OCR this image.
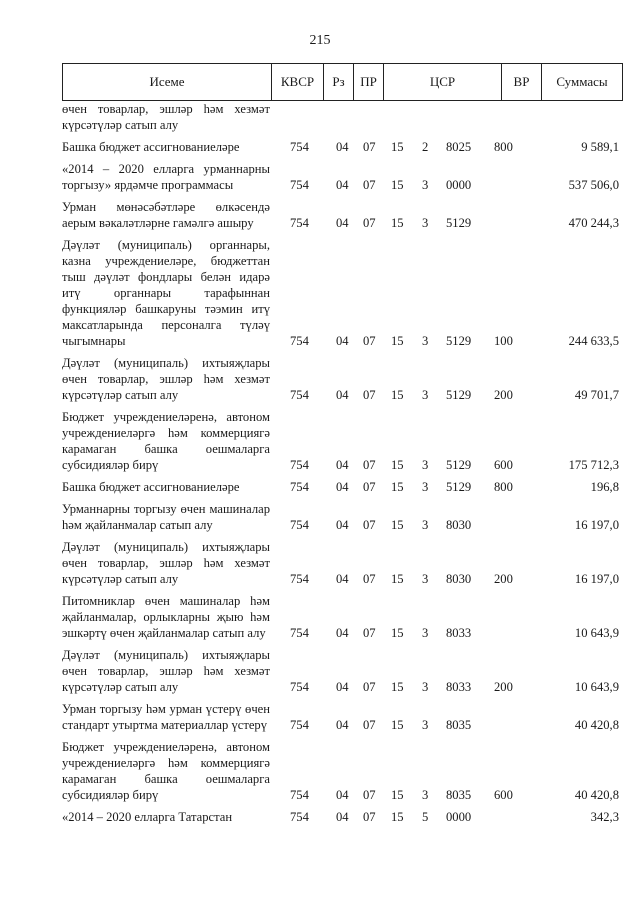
215
Исеме	КВСР	Рз	ПР	ЦСР	ВР	Суммасы
өчен товарлар, эшләр һәм хезмәт күрсәтүләр сатып алу
Башка бюджет ассигнованиеләре	754 04 07 15 2 8025 800	9 589,1
«2014 – 2020 елларга урманнарны торгызу» ярдәмче программасы	754 04 07 15 3 0000	537 506,0
Урман мөнәсәбәтләре өлкәсендә аерым вәкаләтләрне гамәлгә ашыру	754 04 07 15 3 5129	470 244,3
Дәүләт (муниципаль) органнары, казна учреждениеләре, бюджеттан тыш дәүләт фондлары белән идарә итү органнары тарафыннан функцияләр башкаруны тәэмин итү максатларында персоналга түләү чыгымнары	754 04 07 15 3 5129 100	244 633,5
Дәүләт (муниципаль) ихтыяҗлары өчен товарлар, эшләр һәм хезмәт күрсәтүләр сатып алу	754 04 07 15 3 5129 200	49 701,7
Бюджет учреждениеләренә, автоном учреждениеләргә һәм коммерциягә карамаган башка оешмаларга субсидияләр бирү	754 04 07 15 3 5129 600	175 712,3
Башка бюджет ассигнованиеләре	754 04 07 15 3 5129 800	196,8
Урманнарны торгызу өчен машиналар һәм җайланмалар сатып алу	754 04 07 15 3 8030	16 197,0
Дәүләт (муниципаль) ихтыяҗлары өчен товарлар, эшләр һәм хезмәт күрсәтүләр сатып алу	754 04 07 15 3 8030 200	16 197,0
Питомниклар өчен машиналар һәм җайланмалар, орлыкларны җыю һәм эшкәртү өчен җайланмалар сатып алу	754 04 07 15 3 8033	10 643,9
Дәүләт (муниципаль) ихтыяҗлары өчен товарлар, эшләр һәм хезмәт күрсәтүләр сатып алу	754 04 07 15 3 8033 200	10 643,9
Урман торгызу һәм урман үстерү өчен стандарт утыртма материаллар үстерү 754 04 07 15 3 8035	40 420,8
Бюджет учреждениеләренә, автоном учреждениеләргә һәм коммерциягә карамаган башка оешмаларга субсидияләр бирү	754 04 07 15 3 8035 600	40 420,8
«2014 – 2020 елларга Татарстан	754 04 07 15 5 0000	342,3
